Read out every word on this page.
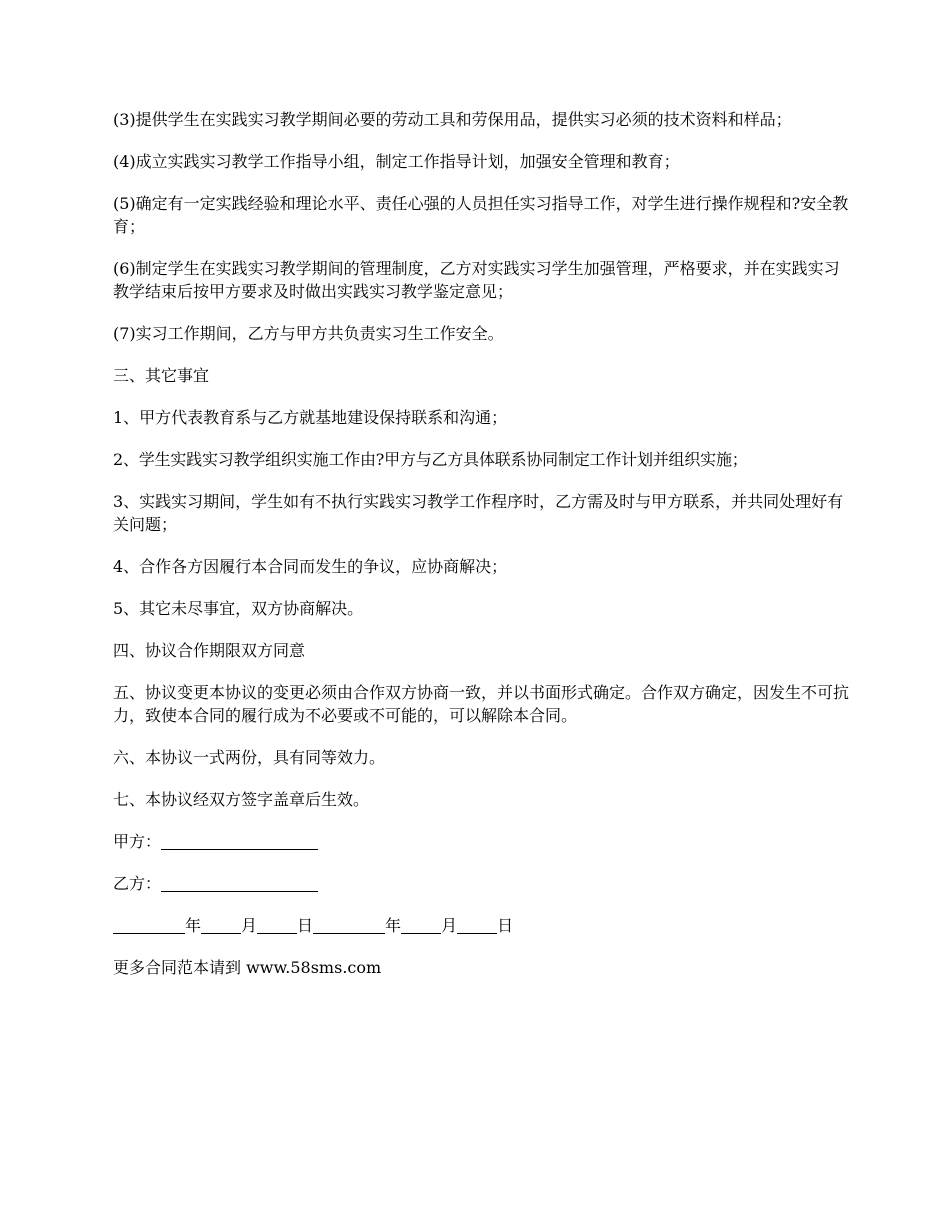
(3)提供学生在实践实习教学期间必要的劳动工具和劳保用品，提供实习必须的技术资料和样品；

(4)成立实践实习教学工作指导小组，制定工作指导计划，加强安全管理和教育；

(5)确定有一定实践经验和理论水平、责任心强的人员担任实习指导工作，对学生进行操作规程和?安全教育；

(6)制定学生在实践实习教学期间的管理制度，乙方对实践实习学生加强管理，严格要求，并在实践实习教学结束后按甲方要求及时做出实践实习教学鉴定意见；

(7)实习工作期间，乙方与甲方共负责实习生工作安全。

三、其它事宜

1、甲方代表教育系与乙方就基地建设保持联系和沟通；

2、学生实践实习教学组织实施工作由?甲方与乙方具体联系协同制定工作计划并组织实施；

3、实践实习期间，学生如有不执行实践实习教学工作程序时，乙方需及时与甲方联系，并共同处理好有关问题；

4、合作各方因履行本合同而发生的争议，应协商解决；

5、其它未尽事宜，双方协商解决。

四、协议合作期限双方同意

五、协议变更本协议的变更必须由合作双方协商一致，并以书面形式确定。合作双方确定，因发生不可抗力，致使本合同的履行成为不必要或不可能的，可以解除本合同。

六、本协议一式两份，具有同等效力。

七、本协议经双方签字盖章后生效。

甲方：
乙方：
年	月	日	年	月	日

更多合同范本请到 www.58sms.com
